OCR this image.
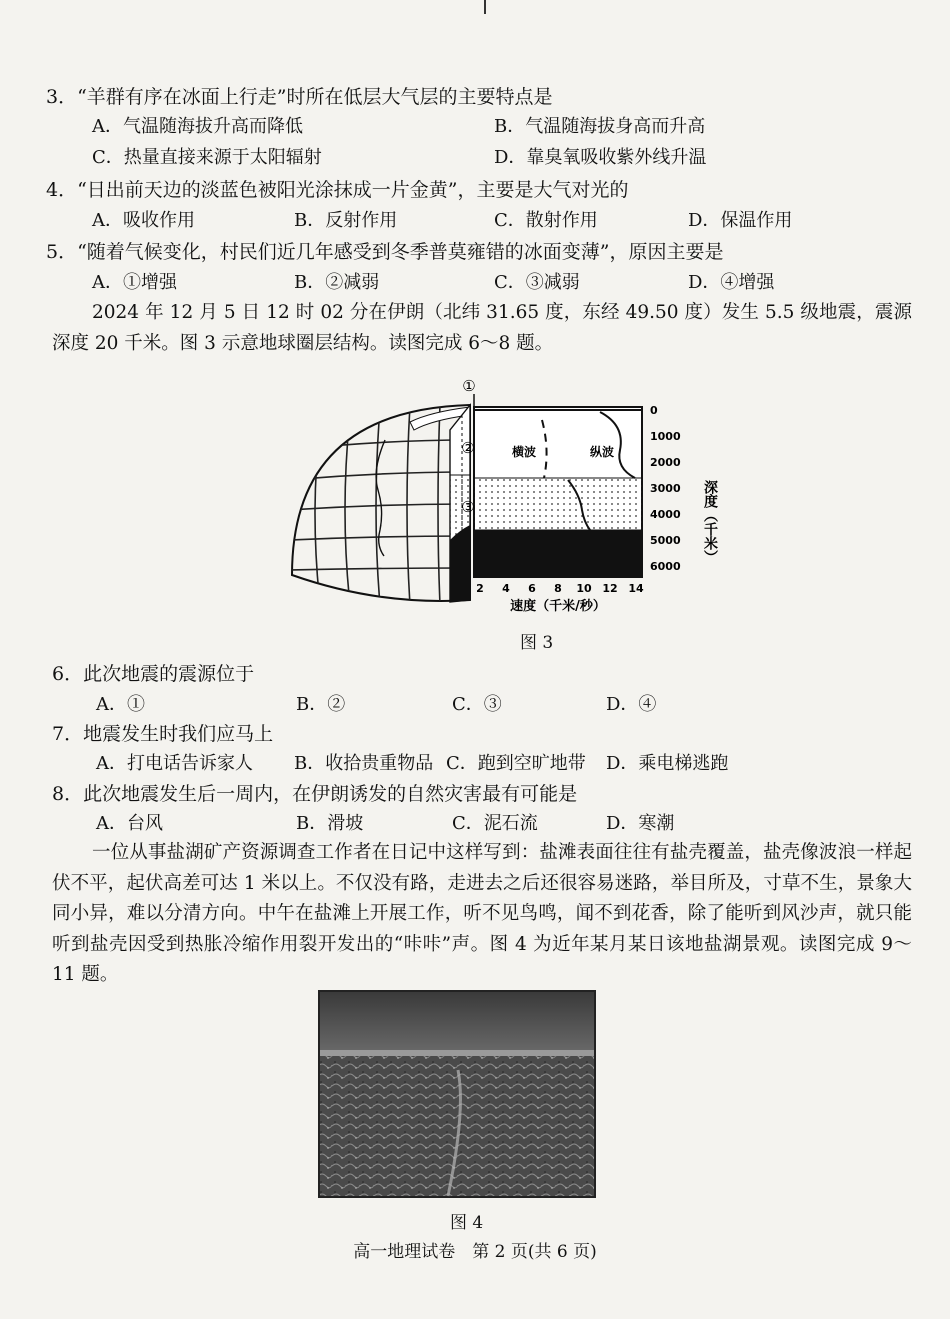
3．“羊群有序在冰面上行走”时所在低层大气层的主要特点是
A．气温随海拔升高而降低	B．气温随海拔身高而升高
C．热量直接来源于太阳辐射	D．靠臭氧吸收紫外线升温
4．“日出前天边的淡蓝色被阳光涂抹成一片金黄”，主要是大气对光的
A．吸收作用	B．反射作用	C．散射作用	D．保温作用
5．“随着气候变化，村民们近几年感受到冬季普莫雍错的冰面变薄”，原因主要是
A．①增强	B．②减弱	C．③减弱	D．④增强

2024 年 12 月 5 日 12 时 02 分在伊朗（北纬 31.65 度，东经 49.50 度）发生 5.5 级地震，震源深度 20 千米。图 3 示意地球圈层结构。读图完成 6～8 题。

①
②
③
横波	纵波
0
1000
2000
3000
4000
5000
6000
2 4 6 8 10 12 14
深度（千米）
速度（千米/秒）
图 3
6．此次地震的震源位于
A．①	B．②	C．③	D．④
7．地震发生时我们应马上
A．打电话告诉家人 B．收拾贵重物品 C．跑到空旷地带 D．乘电梯逃跑
8．此次地震发生后一周内，在伊朗诱发的自然灾害最有可能是
A．台风	B．滑坡	C．泥石流	D．寒潮

一位从事盐湖矿产资源调查工作者在日记中这样写到：盐滩表面往往有盐壳覆盖，盐壳像波浪一样起伏不平，起伏高差可达 1 米以上。不仅没有路，走进去之后还很容易迷路，举目所及，寸草不生，景象大同小异，难以分清方向。中午在盐滩上开展工作，听不见鸟鸣，闻不到花香，除了能听到风沙声，就只能听到盐壳因受到热胀冷缩作用裂开发出的“咔咔”声。图 4 为近年某月某日该地盐湖景观。读图完成 9～11 题。

图 4
高一地理试卷　第 2 页(共 6 页)
